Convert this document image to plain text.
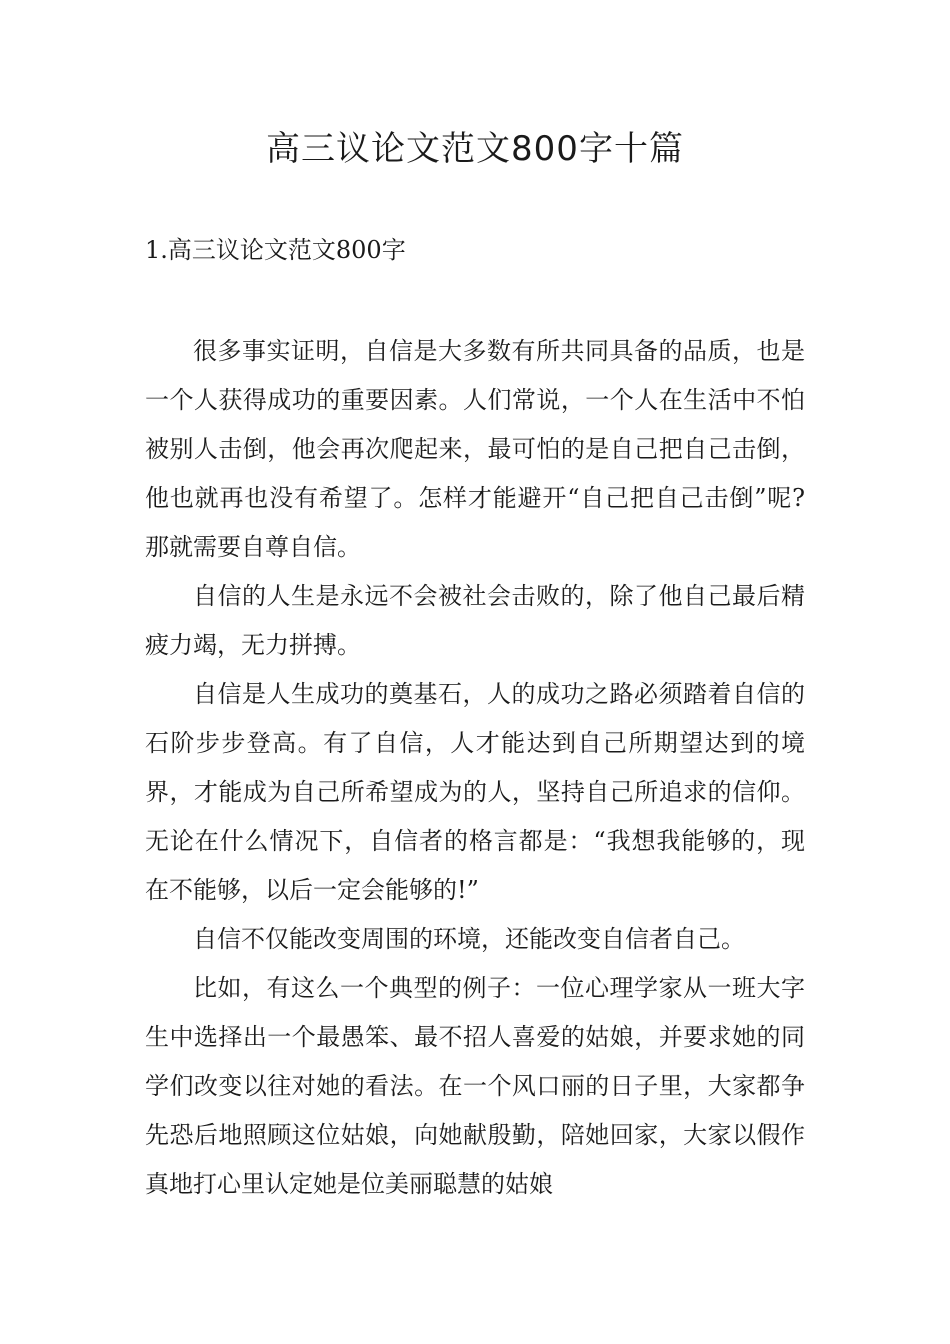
高三议论文范文800字十篇
1.高三议论文范文800字

很多事实证明，自信是大多数有所共同具备的品质，也是一个人获得成功的重要因素。人们常说，一个人在生活中不怕被别人击倒，他会再次爬起来，最可怕的是自己把自己击倒，他也就再也没有希望了。怎样才能避开“自己把自己击倒”呢?那就需要自尊自信。

自信的人生是永远不会被社会击败的，除了他自己最后精疲力竭，无力拼搏。

自信是人生成功的奠基石，人的成功之路必须踏着自信的石阶步步登高。有了自信，人才能达到自己所期望达到的境界，才能成为自己所希望成为的人，坚持自己所追求的信仰。无论在什么情况下，自信者的格言都是：“我想我能够的，现在不能够，以后一定会能够的!”

自信不仅能改变周围的环境，还能改变自信者自己。

比如，有这么一个典型的例子：一位心理学家从一班大字生中选择出一个最愚笨、最不招人喜爱的姑娘，并要求她的同学们改变以往对她的看法。在一个风口丽的日子里，大家都争先恐后地照顾这位姑娘，向她献殷勤，陪她回家，大家以假作真地打心里认定她是位美丽聪慧的姑娘
